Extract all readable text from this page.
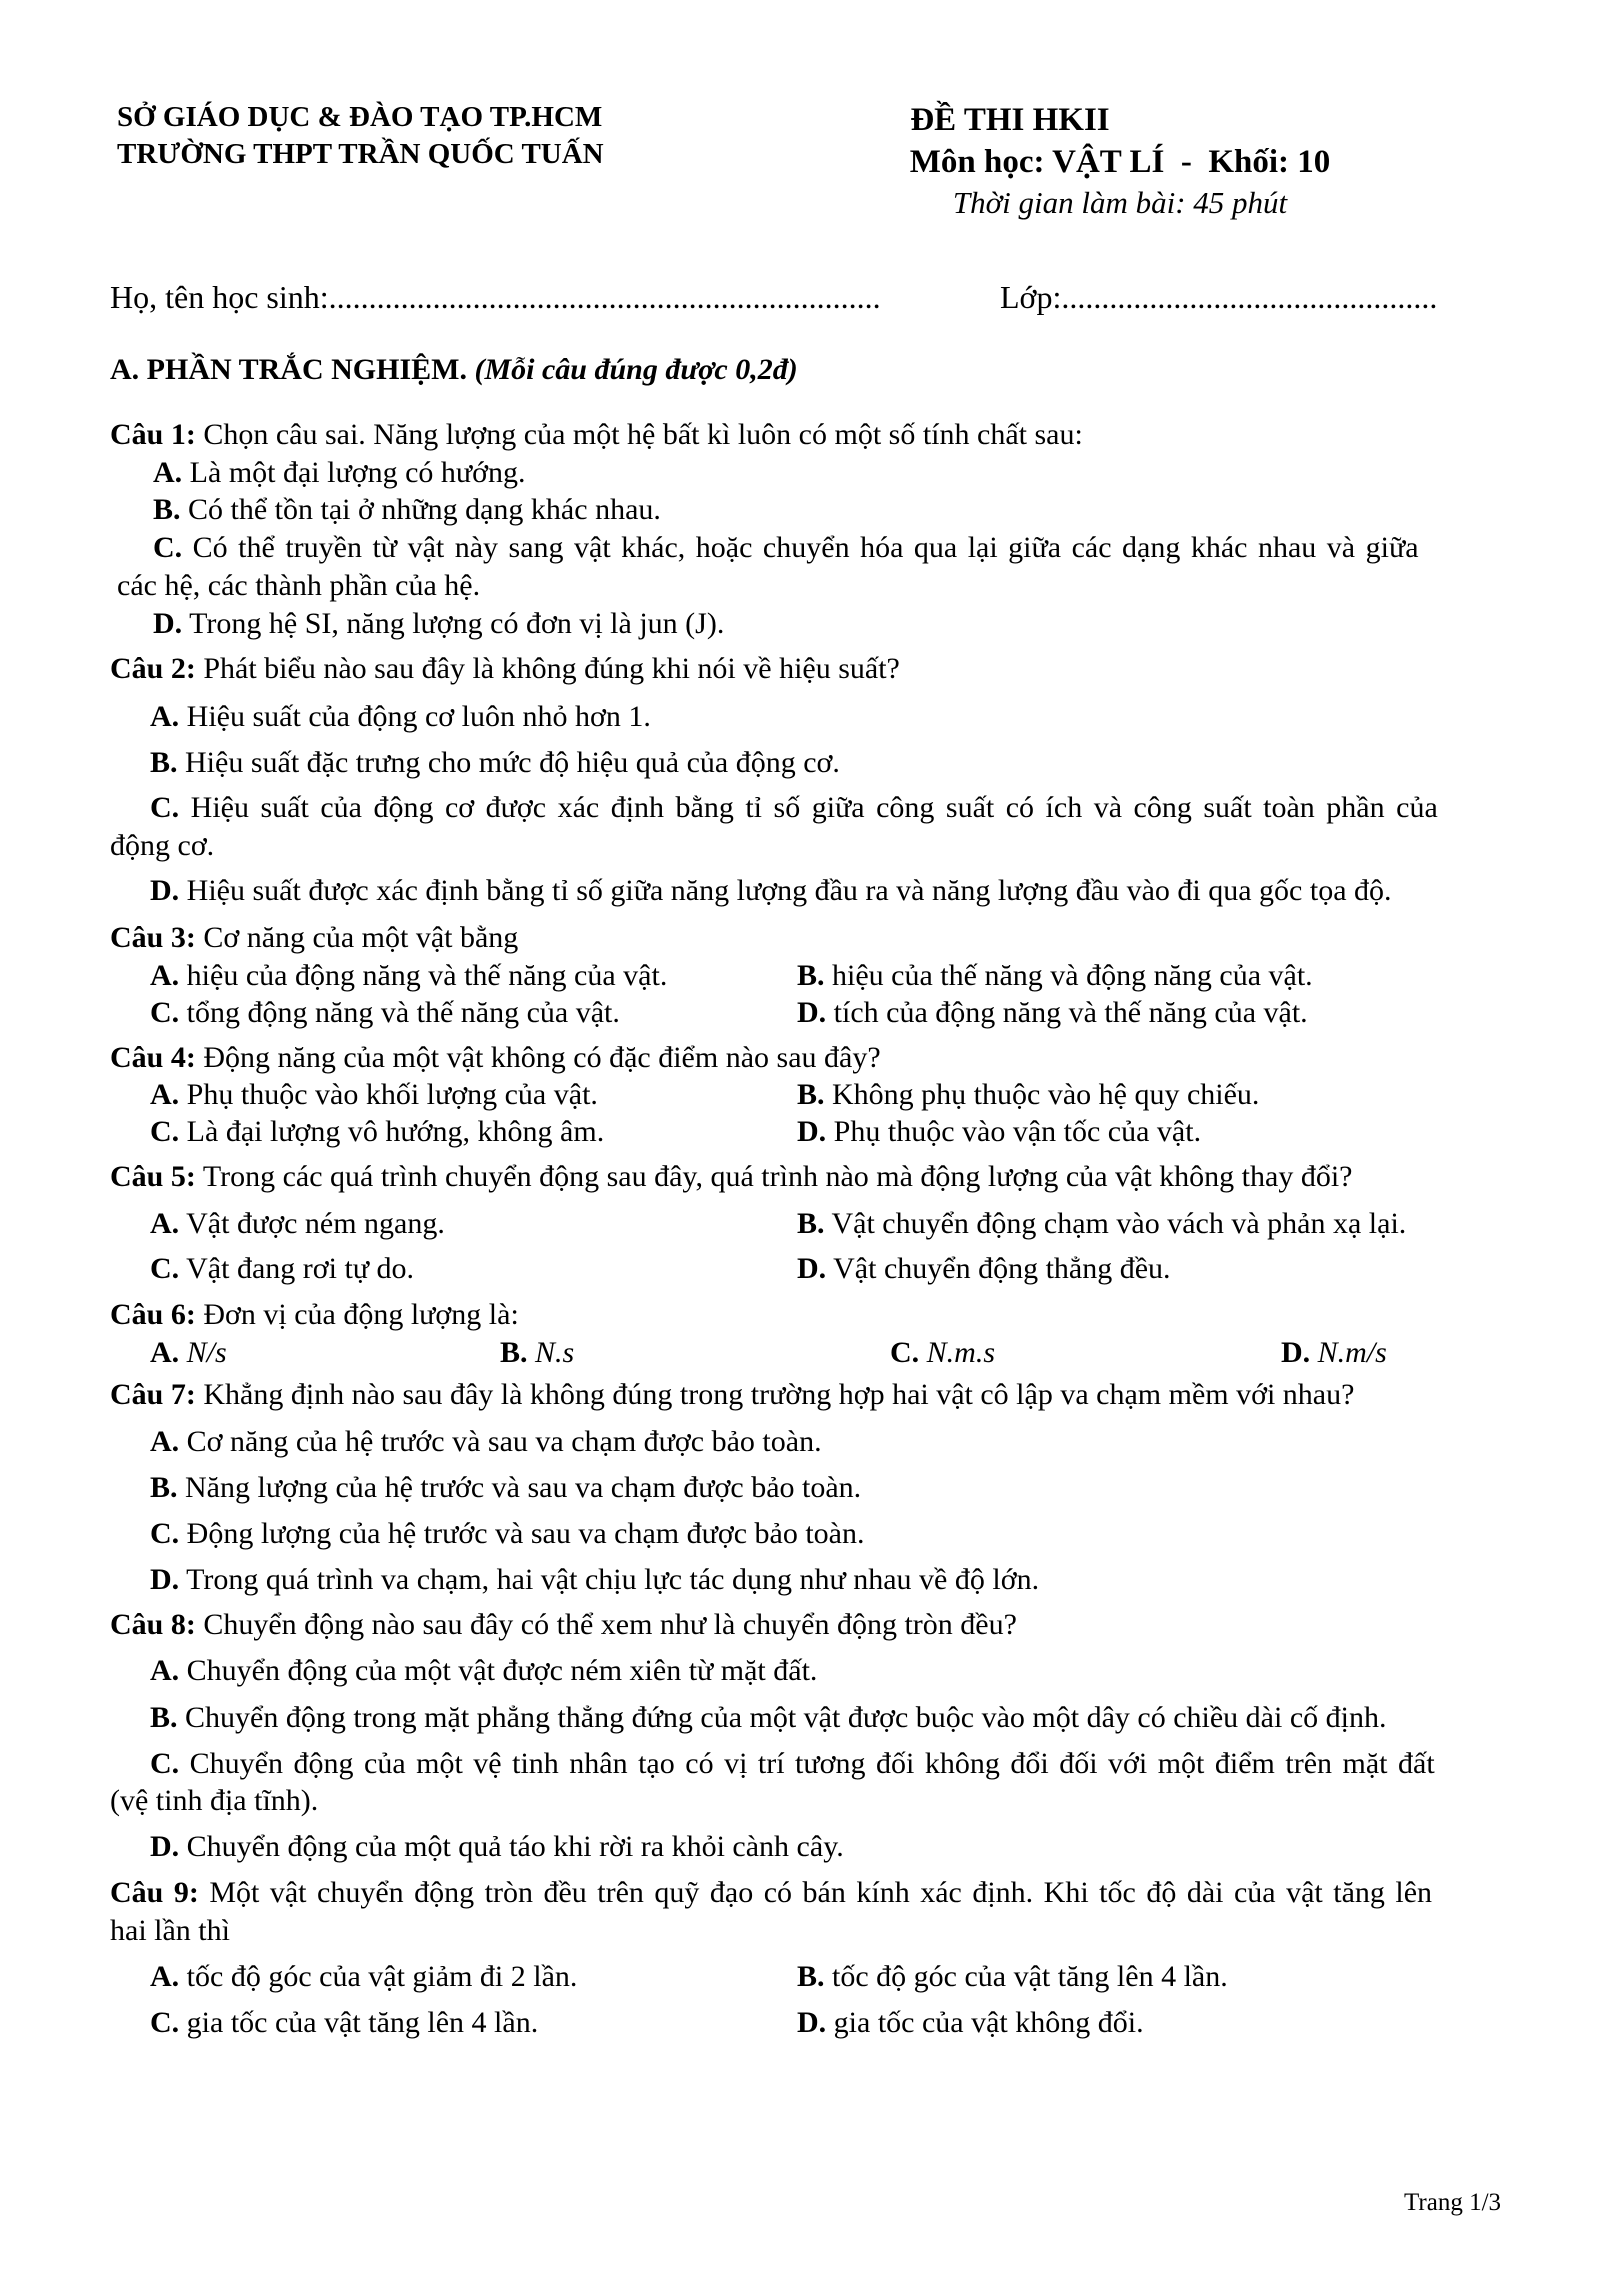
SỞ GIÁO DỤC & ĐÀO TẠO TP.HCM
TRƯỜNG THPT TRẦN QUỐC TUẤN
ĐỀ THI HKII
Môn học: VẬT LÍ  -  Khối: 10
Thời gian làm bài: 45 phút
Họ, tên học sinh:.....................................................................	Lớp:...............................................
A. PHẦN TRẮC NGHIỆM. (Mỗi câu đúng được 0,2đ)
Câu 1: Chọn câu sai. Năng lượng của một hệ bất kì luôn có một số tính chất sau:
A. Là một đại lượng có hướng.
B. Có thể tồn tại ở những dạng khác nhau.
C. Có thể truyền từ vật này sang vật khác, hoặc chuyển hóa qua lại giữa các dạng khác nhau và giữa
các hệ, các thành phần của hệ.
D. Trong hệ SI, năng lượng có đơn vị là jun (J).
Câu 2: Phát biểu nào sau đây là không đúng khi nói về hiệu suất?
A. Hiệu suất của động cơ luôn nhỏ hơn 1.
B. Hiệu suất đặc trưng cho mức độ hiệu quả của động cơ.
C. Hiệu suất của động cơ được xác định bằng tỉ số giữa công suất có ích và công suất toàn phần của
động cơ.
D. Hiệu suất được xác định bằng tỉ số giữa năng lượng đầu ra và năng lượng đầu vào đi qua gốc tọa độ.
Câu 3: Cơ năng của một vật bằng
A. hiệu của động năng và thế năng của vật.	B. hiệu của thế năng và động năng của vật.
C. tổng động năng và thế năng của vật.	D. tích của động năng và thế năng của vật.
Câu 4: Động năng của một vật không có đặc điểm nào sau đây?
A. Phụ thuộc vào khối lượng của vật.	B. Không phụ thuộc vào hệ quy chiếu.
C. Là đại lượng vô hướng, không âm.	D. Phụ thuộc vào vận tốc của vật.
Câu 5: Trong các quá trình chuyển động sau đây, quá trình nào mà động lượng của vật không thay đổi?
A. Vật được ném ngang.	B. Vật chuyển động chạm vào vách và phản xạ lại.
C. Vật đang rơi tự do.	D. Vật chuyển động thẳng đều.
Câu 6: Đơn vị của động lượng là:
A. N/s	B. N.s	C. N.m.s	D. N.m/s
Câu 7: Khẳng định nào sau đây là không đúng trong trường hợp hai vật cô lập va chạm mềm với nhau?
A. Cơ năng của hệ trước và sau va chạm được bảo toàn.
B. Năng lượng của hệ trước và sau va chạm được bảo toàn.
C. Động lượng của hệ trước và sau va chạm được bảo toàn.
D. Trong quá trình va chạm, hai vật chịu lực tác dụng như nhau về độ lớn.
Câu 8: Chuyển động nào sau đây có thể xem như là chuyển động tròn đều?
A. Chuyển động của một vật được ném xiên từ mặt đất.
B. Chuyển động trong mặt phẳng thẳng đứng của một vật được buộc vào một dây có chiều dài cố định.
C. Chuyển động của một vệ tinh nhân tạo có vị trí tương đối không đổi đối với một điểm trên mặt đất
(vệ tinh địa tĩnh).
D. Chuyển động của một quả táo khi rời ra khỏi cành cây.
Câu 9: Một vật chuyển động tròn đều trên quỹ đạo có bán kính xác định. Khi tốc độ dài của vật tăng lên
hai lần thì
A. tốc độ góc của vật giảm đi 2 lần.	B. tốc độ góc của vật tăng lên 4 lần.
C. gia tốc của vật tăng lên 4 lần.	D. gia tốc của vật không đổi.
Trang 1/3
